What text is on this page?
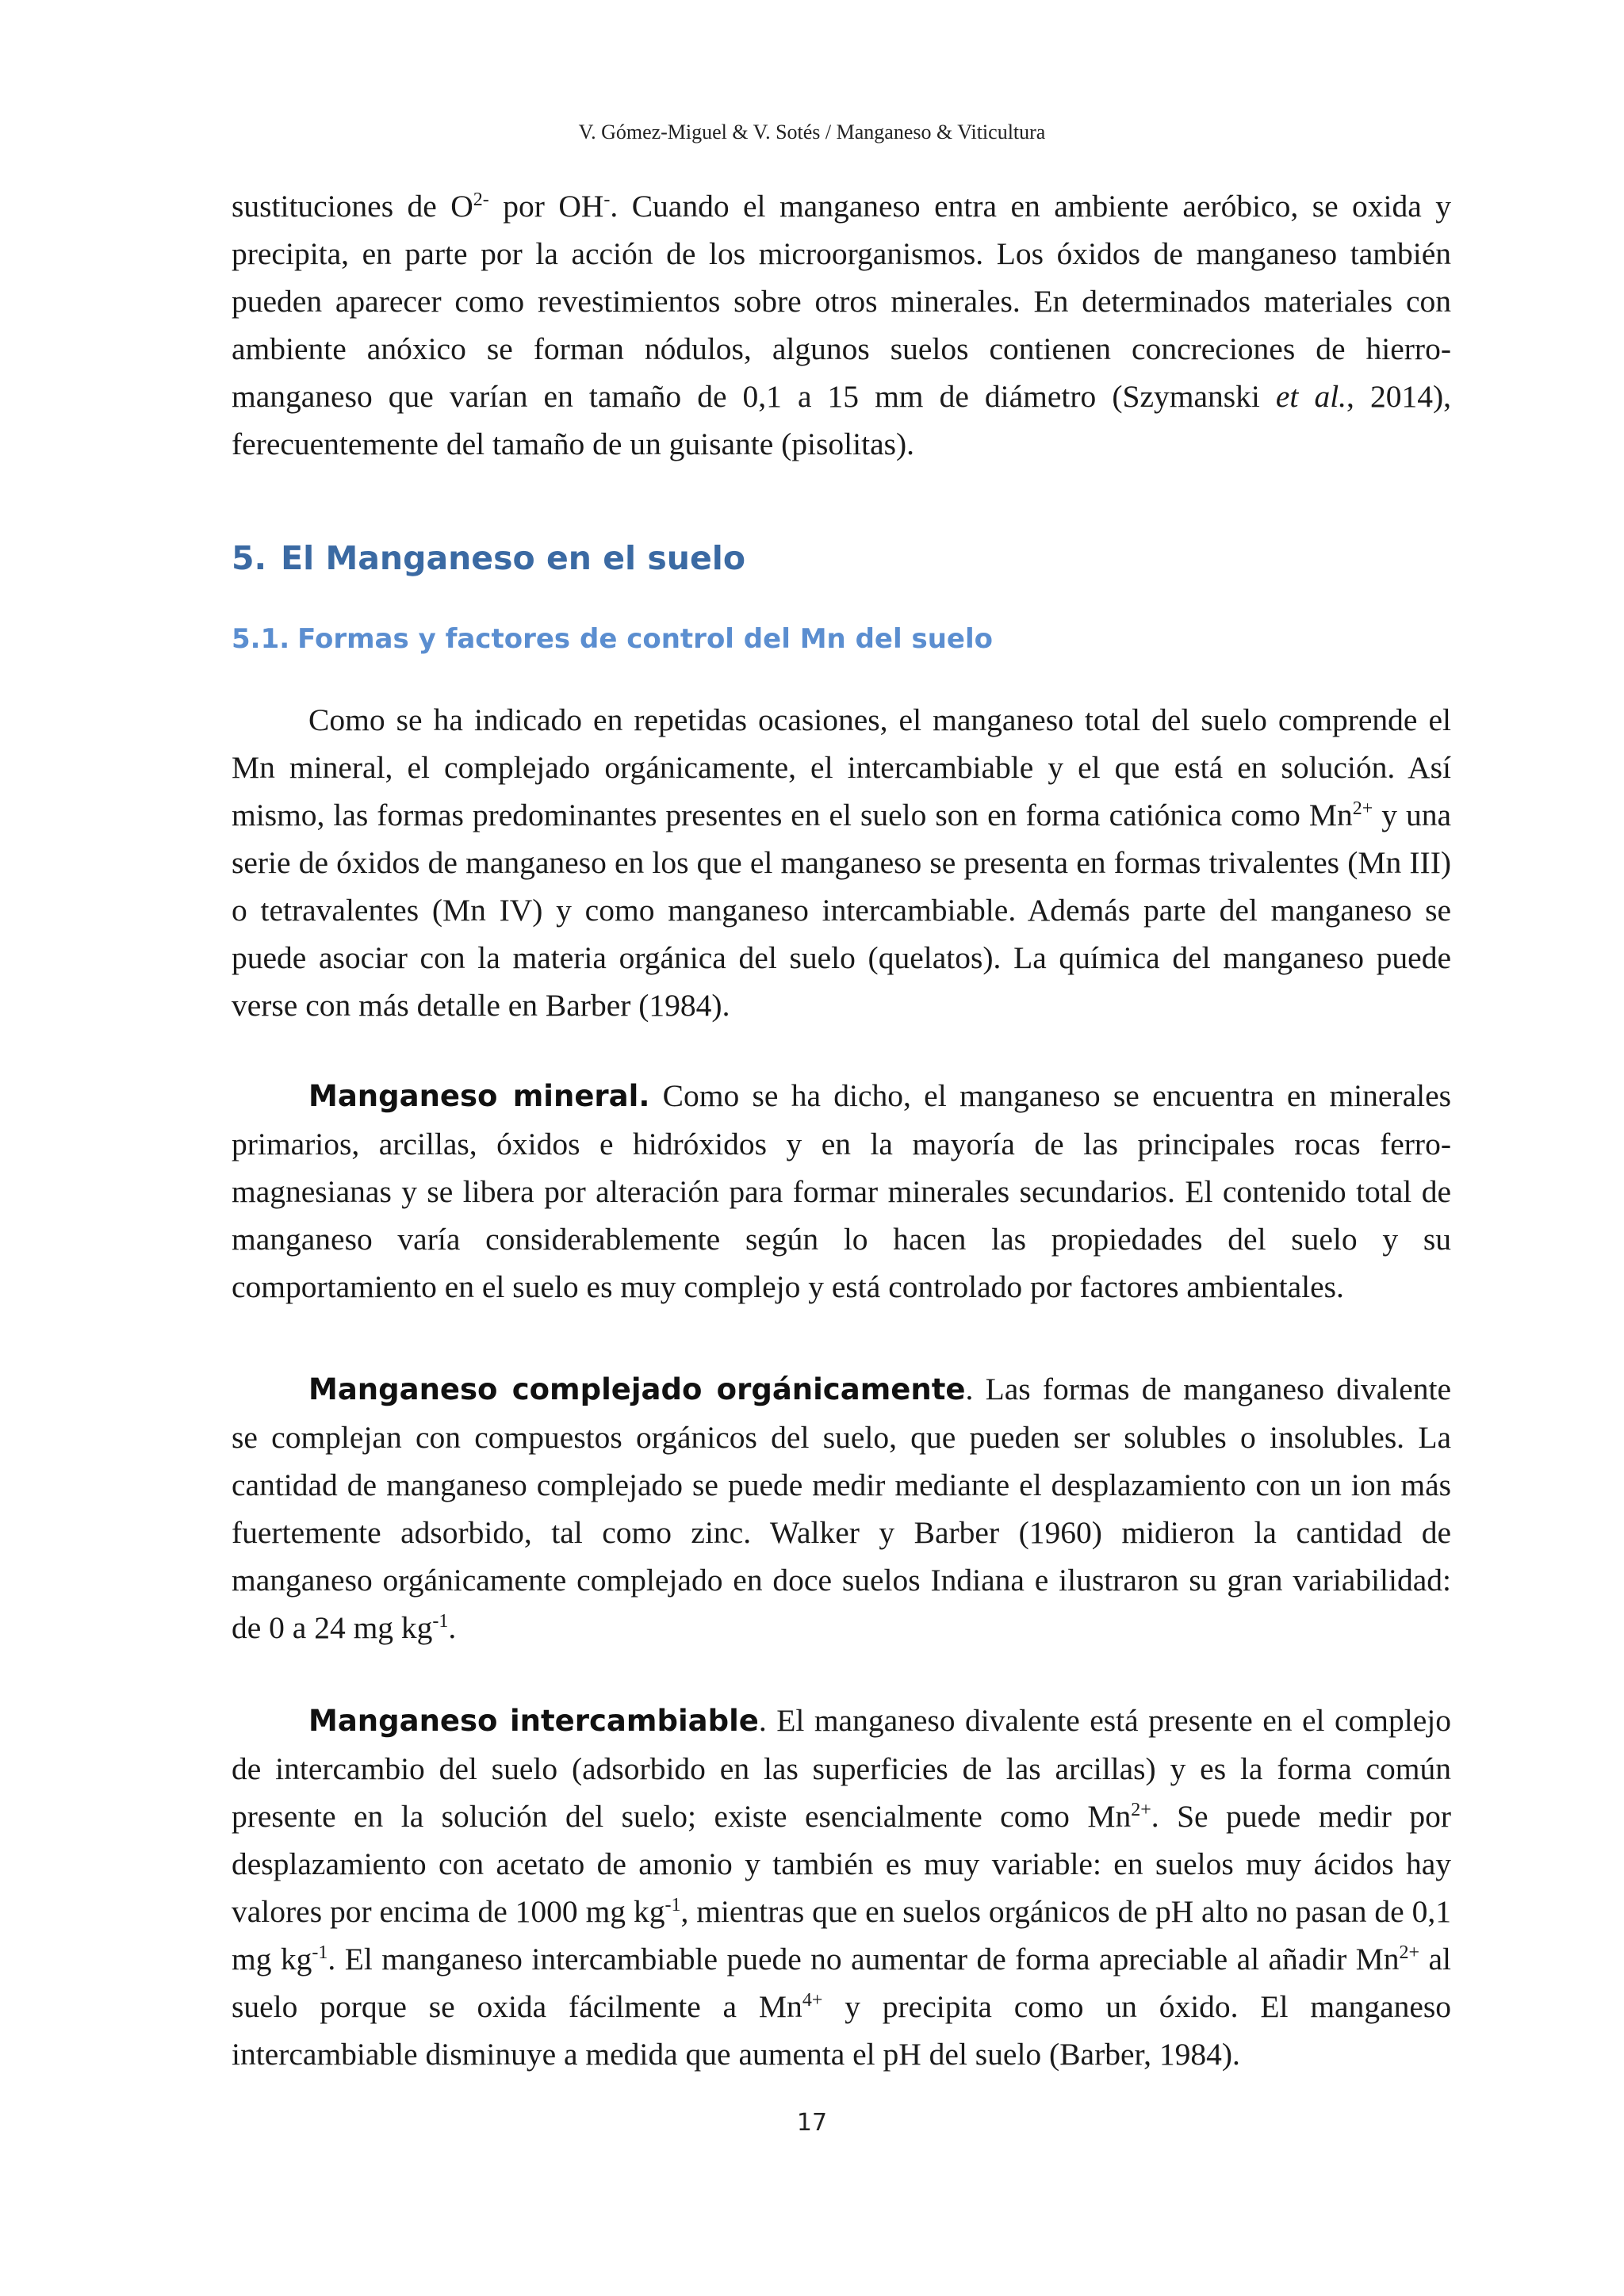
V. Gómez-Miguel & V. Sotés / Manganeso & Viticultura

sustituciones de $O^{2-}$ por OH-. Cuando el manganeso entra en ambiente aeróbico, se oxida y precipita, en parte por la acción de los microorganismos. Los óxidos de manganeso también pueden aparecer como revestimientos sobre otros minerales. En determinados materiales con ambiente anóxico se forman nódulos, algunos suelos contienen concreciones de hierro-manganeso que varían en tamaño de 0,1 a 15 mm de diámetro (Szymanski et al., 2014), ferecuentemente del tamaño de un guisante (pisolitas).

5. El Manganeso en el suelo
5.1. Formas y factores de control del Mn del suelo

Como se ha indicado en repetidas ocasiones, el manganeso total del suelo comprende el Mn mineral, el complejado orgánicamente, el intercambiable y el que está en solución. Así mismo, las formas predominantes presentes en el suelo son en forma catiónica como $Mn^{2+}$ y una serie de óxidos de manganeso en los que el manganeso se presenta en formas trivalentes (Mn III) o tetravalentes (Mn IV) y como manganeso intercambiable. Además parte del manganeso se puede asociar con la materia orgánica del suelo (quelatos). La química del manganeso puede verse con más detalle en Barber (1984).

Manganeso mineral. Como se ha dicho, el manganeso se encuentra en minerales primarios, arcillas, óxidos e hidróxidos y en la mayoría de las principales rocas ferro-magnesianas y se libera por alteración para formar minerales secundarios. El contenido total de manganeso varía considerablemente según lo hacen las propiedades del suelo y su comportamiento en el suelo es muy complejo y está controlado por factores ambientales.

Manganeso complejado orgánicamente. Las formas de manganeso divalente se complejan con compuestos orgánicos del suelo, que pueden ser solubles o insolubles. La cantidad de manganeso complejado se puede medir mediante el desplazamiento con un ion más fuertemente adsorbido, tal como zinc. Walker y Barber (1960) midieron la cantidad de manganeso orgánicamente complejado en doce suelos Indiana e ilustraron su gran variabilidad: de 0 a 24 mg $kg^{-1}$.

Manganeso intercambiable. El manganeso divalente está presente en el complejo de intercambio del suelo (adsorbido en las superficies de las arcillas) y es la forma común presente en la solución del suelo; existe esencialmente como $Mn^{2+}$. Se puede medir por desplazamiento con acetato de amonio y también es muy variable: en suelos muy ácidos hay valores por encima de 1000 mg $kg^{-1}$, mientras que en suelos orgánicos de pH alto no pasan de 0,1 mg $kg^{-1}$. El manganeso intercambiable puede no aumentar de forma apreciable al añadir $Mn^{2+}$ al suelo porque se oxida fácilmente a $Mn^{4+}$ y precipita como un óxido. El manganeso intercambiable disminuye a medida que aumenta el pH del suelo (Barber, 1984).

17
